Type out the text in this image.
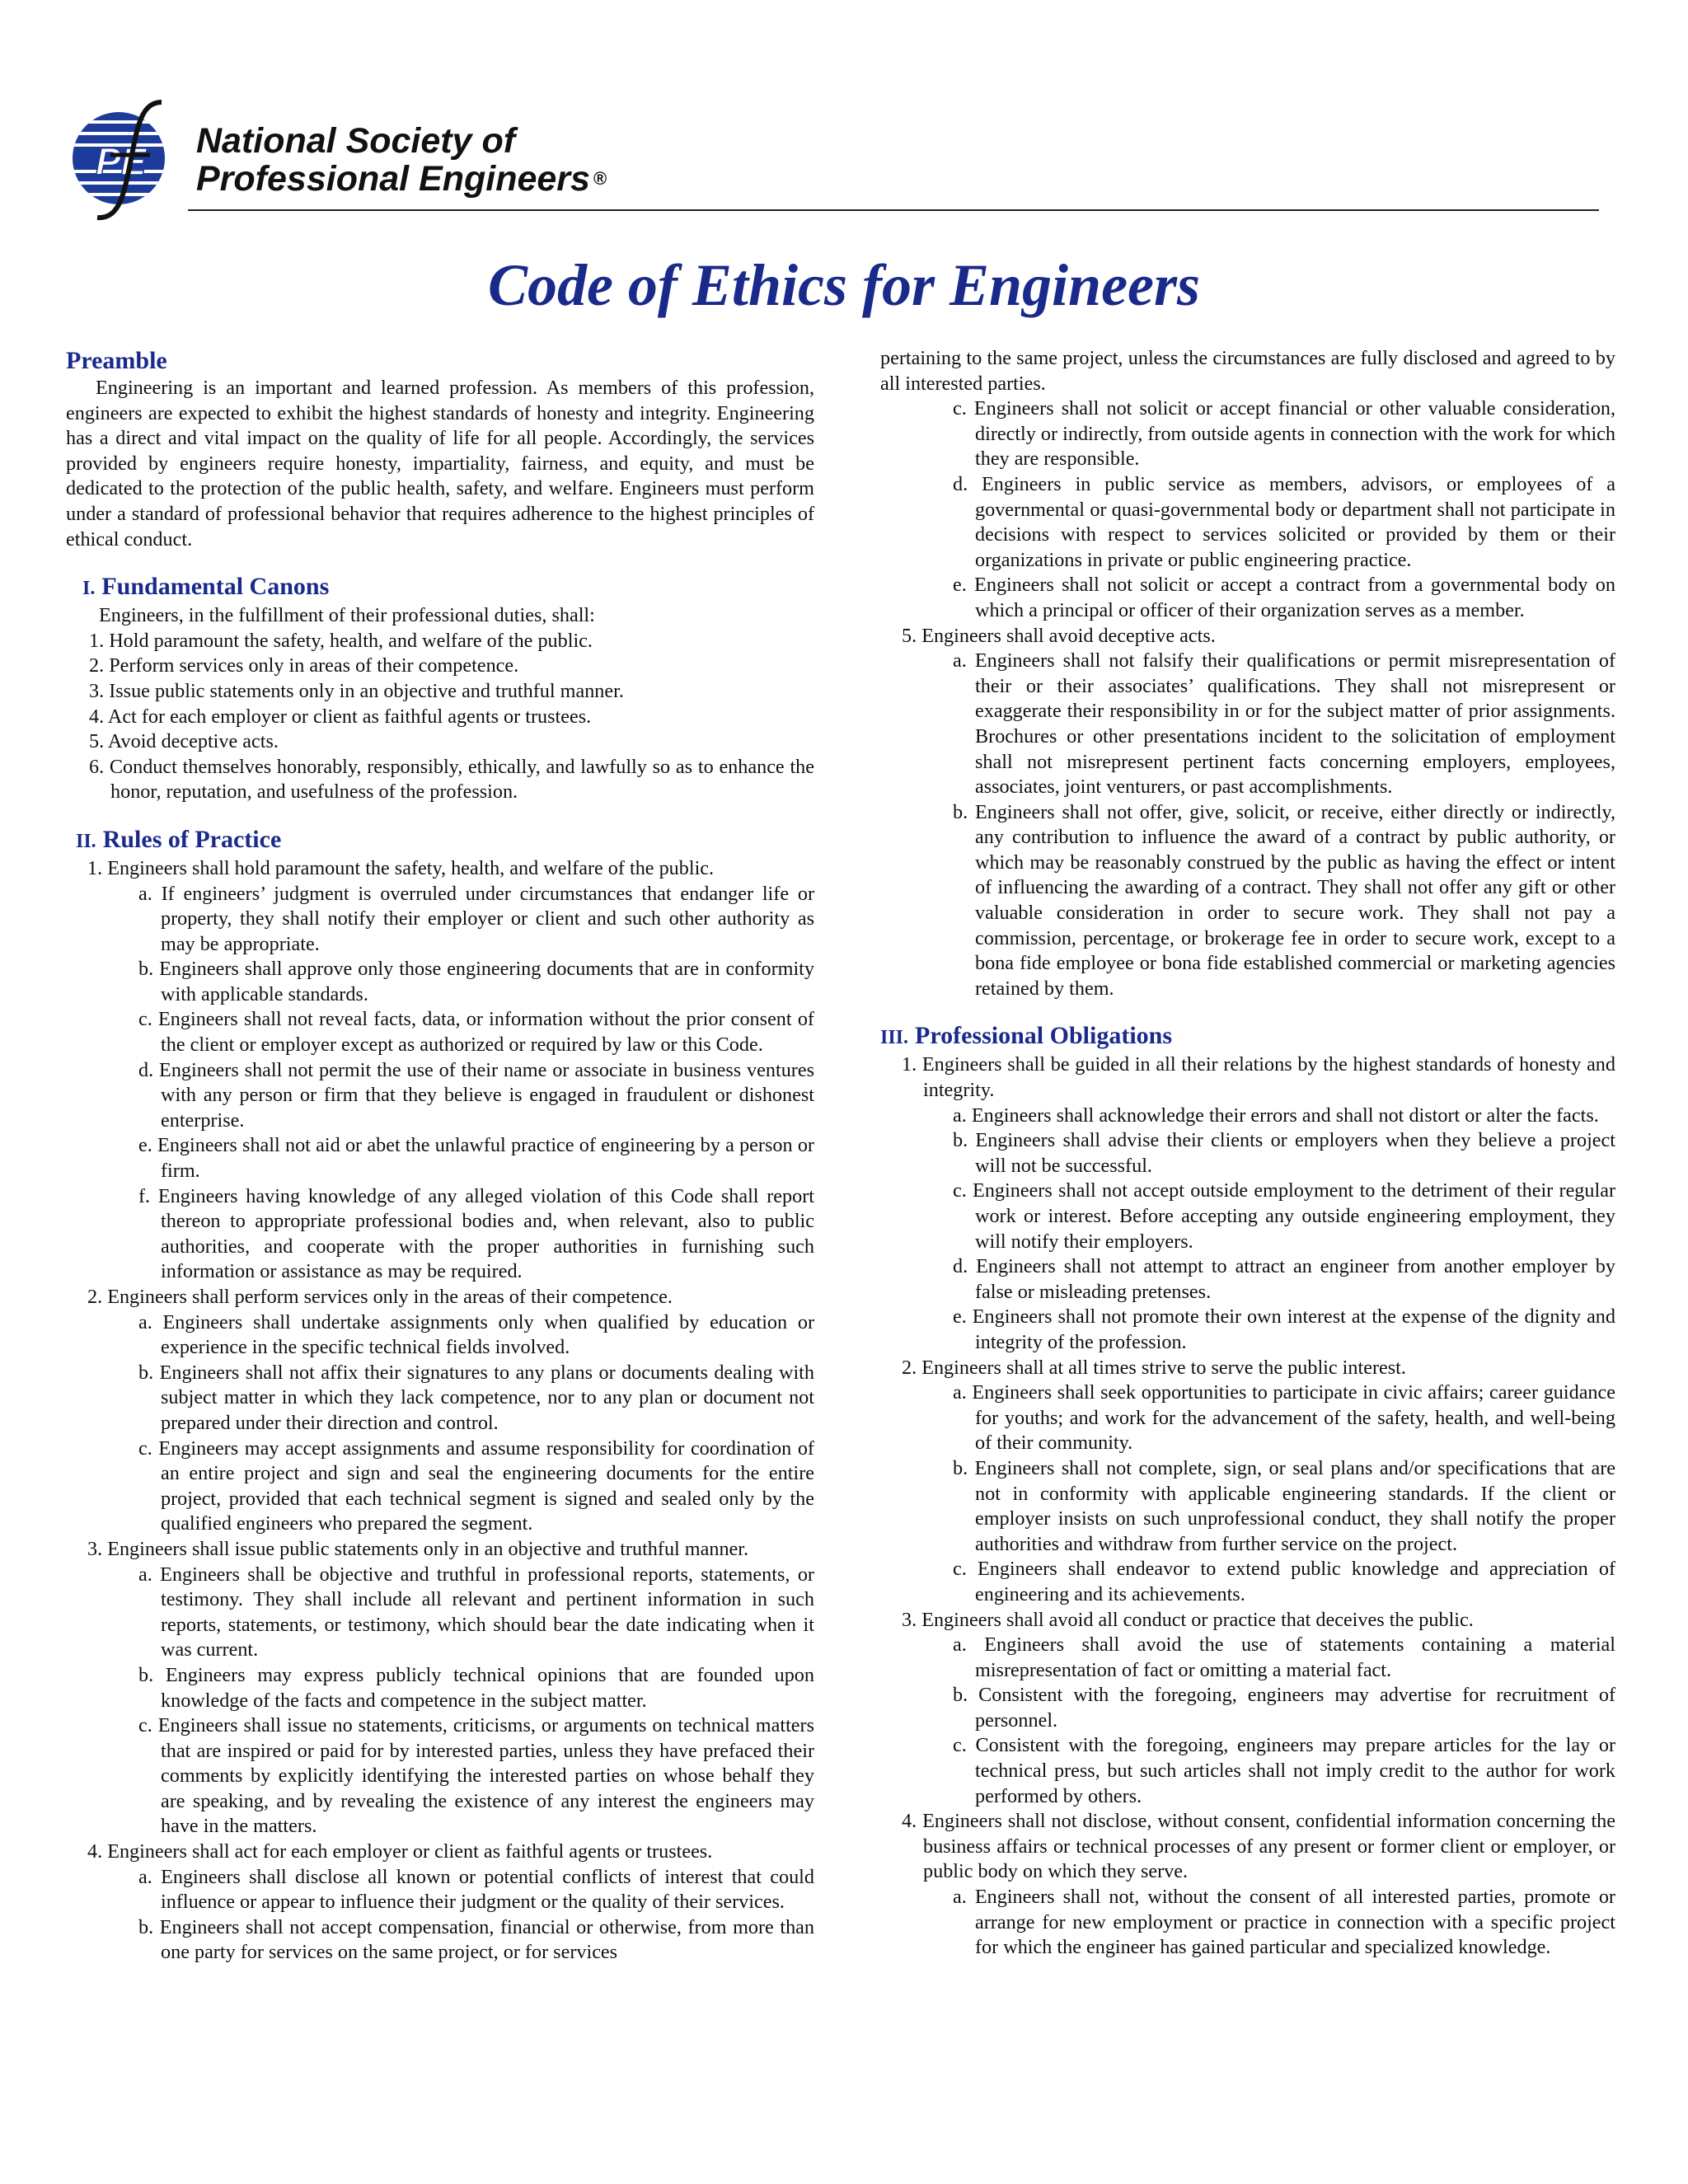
PE National Society of
Professional Engineers ®
Code of Ethics for Engineers

Preamble

Engineering is an important and learned profession. As members of this profession, engineers are expected to exhibit the highest standards of honesty and integrity. Engineering has a direct and vital impact on the quality of life for all people. Accordingly, the services provided by engineers require honesty, impartiality, fairness, and equity, and must be dedicated to the protection of the public health, safety, and welfare. Engineers must perform under a standard of professional behavior that requires adherence to the highest principles of ethical conduct.

I. Fundamental Canons

Engineers, in the fulfillment of their professional duties, shall:

1. Hold paramount the safety, health, and welfare of the public.

2. Perform services only in areas of their competence.

3. Issue public statements only in an objective and truthful manner.

4. Act for each employer or client as faithful agents or trustees.

5. Avoid deceptive acts.

6. Conduct themselves honorably, responsibly, ethically, and lawfully so as to enhance the honor, reputation, and usefulness of the profession.

II. Rules of Practice

1. Engineers shall hold paramount the safety, health, and welfare of the public.

a. If engineers’ judgment is overruled under circumstances that endanger life or property, they shall notify their employer or client and such other authority as may be appropriate.

b. Engineers shall approve only those engineering documents that are in conformity with applicable standards.

c. Engineers shall not reveal facts, data, or information without the prior consent of the client or employer except as authorized or required by law or this Code.

d. Engineers shall not permit the use of their name or associate in business ventures with any person or firm that they believe is engaged in fraudulent or dishonest enterprise.

e. Engineers shall not aid or abet the unlawful practice of engineering by a person or firm.

f. Engineers having knowledge of any alleged violation of this Code shall report thereon to appropriate professional bodies and, when relevant, also to public authorities, and cooperate with the proper authorities in furnishing such information or assistance as may be required.

2. Engineers shall perform services only in the areas of their competence.

a. Engineers shall undertake assignments only when qualified by education or experience in the specific technical fields involved.

b. Engineers shall not affix their signatures to any plans or documents dealing with subject matter in which they lack competence, nor to any plan or document not prepared under their direction and control.

c. Engineers may accept assignments and assume responsibility for coordination of an entire project and sign and seal the engineering documents for the entire project, provided that each technical segment is signed and sealed only by the qualified engineers who prepared the segment.

3. Engineers shall issue public statements only in an objective and truthful manner.

a. Engineers shall be objective and truthful in professional reports, statements, or testimony. They shall include all relevant and pertinent information in such reports, statements, or testimony, which should bear the date indicating when it was current.

b. Engineers may express publicly technical opinions that are founded upon knowledge of the facts and competence in the subject matter.

c. Engineers shall issue no statements, criticisms, or arguments on technical matters that are inspired or paid for by interested parties, unless they have prefaced their comments by explicitly identifying the interested parties on whose behalf they are speaking, and by revealing the existence of any interest the engineers may have in the matters.

4. Engineers shall act for each employer or client as faithful agents or trustees.

a. Engineers shall disclose all known or potential conflicts of interest that could influence or appear to influence their judgment or the quality of their services.

b. Engineers shall not accept compensation, financial or otherwise, from more than one party for services on the same project, or for services

pertaining to the same project, unless the circumstances are fully disclosed and agreed to by all interested parties.

c. Engineers shall not solicit or accept financial or other valuable consideration, directly or indirectly, from outside agents in connection with the work for which they are responsible.

d. Engineers in public service as members, advisors, or employees of a governmental or quasi-governmental body or department shall not participate in decisions with respect to services solicited or provided by them or their organizations in private or public engineering practice.

e. Engineers shall not solicit or accept a contract from a governmental body on which a principal or officer of their organization serves as a member.

5. Engineers shall avoid deceptive acts.

a. Engineers shall not falsify their qualifications or permit misrepresentation of their or their associates’ qualifications. They shall not misrepresent or exaggerate their responsibility in or for the subject matter of prior assignments. Brochures or other presentations incident to the solicitation of employment shall not misrepresent pertinent facts concerning employers, employees, associates, joint venturers, or past accomplishments.

b. Engineers shall not offer, give, solicit, or receive, either directly or indirectly, any contribution to influence the award of a contract by public authority, or which may be reasonably construed by the public as having the effect or intent of influencing the awarding of a contract. They shall not offer any gift or other valuable consideration in order to secure work. They shall not pay a commission, percentage, or brokerage fee in order to secure work, except to a bona fide employee or bona fide established commercial or marketing agencies retained by them.

III. Professional Obligations

1. Engineers shall be guided in all their relations by the highest standards of honesty and integrity.

a. Engineers shall acknowledge their errors and shall not distort or alter the facts.

b. Engineers shall advise their clients or employers when they believe a project will not be successful.

c. Engineers shall not accept outside employment to the detriment of their regular work or interest. Before accepting any outside engineering employment, they will notify their employers.

d. Engineers shall not attempt to attract an engineer from another employer by false or misleading pretenses.

e. Engineers shall not promote their own interest at the expense of the dignity and integrity of the profession.

2. Engineers shall at all times strive to serve the public interest.

a. Engineers shall seek opportunities to participate in civic affairs; career guidance for youths; and work for the advancement of the safety, health, and well-being of their community.

b. Engineers shall not complete, sign, or seal plans and/or specifications that are not in conformity with applicable engineering standards. If the client or employer insists on such unprofessional conduct, they shall notify the proper authorities and withdraw from further service on the project.

c. Engineers shall endeavor to extend public knowledge and appreciation of engineering and its achievements.

3. Engineers shall avoid all conduct or practice that deceives the public.

a. Engineers shall avoid the use of statements containing a material misrepresentation of fact or omitting a material fact.

b. Consistent with the foregoing, engineers may advertise for recruitment of personnel.

c. Consistent with the foregoing, engineers may prepare articles for the lay or technical press, but such articles shall not imply credit to the author for work performed by others.

4. Engineers shall not disclose, without consent, confidential information concerning the business affairs or technical processes of any present or former client or employer, or public body on which they serve.

a. Engineers shall not, without the consent of all interested parties, promote or arrange for new employment or practice in connection with a specific project for which the engineer has gained particular and specialized knowledge.
